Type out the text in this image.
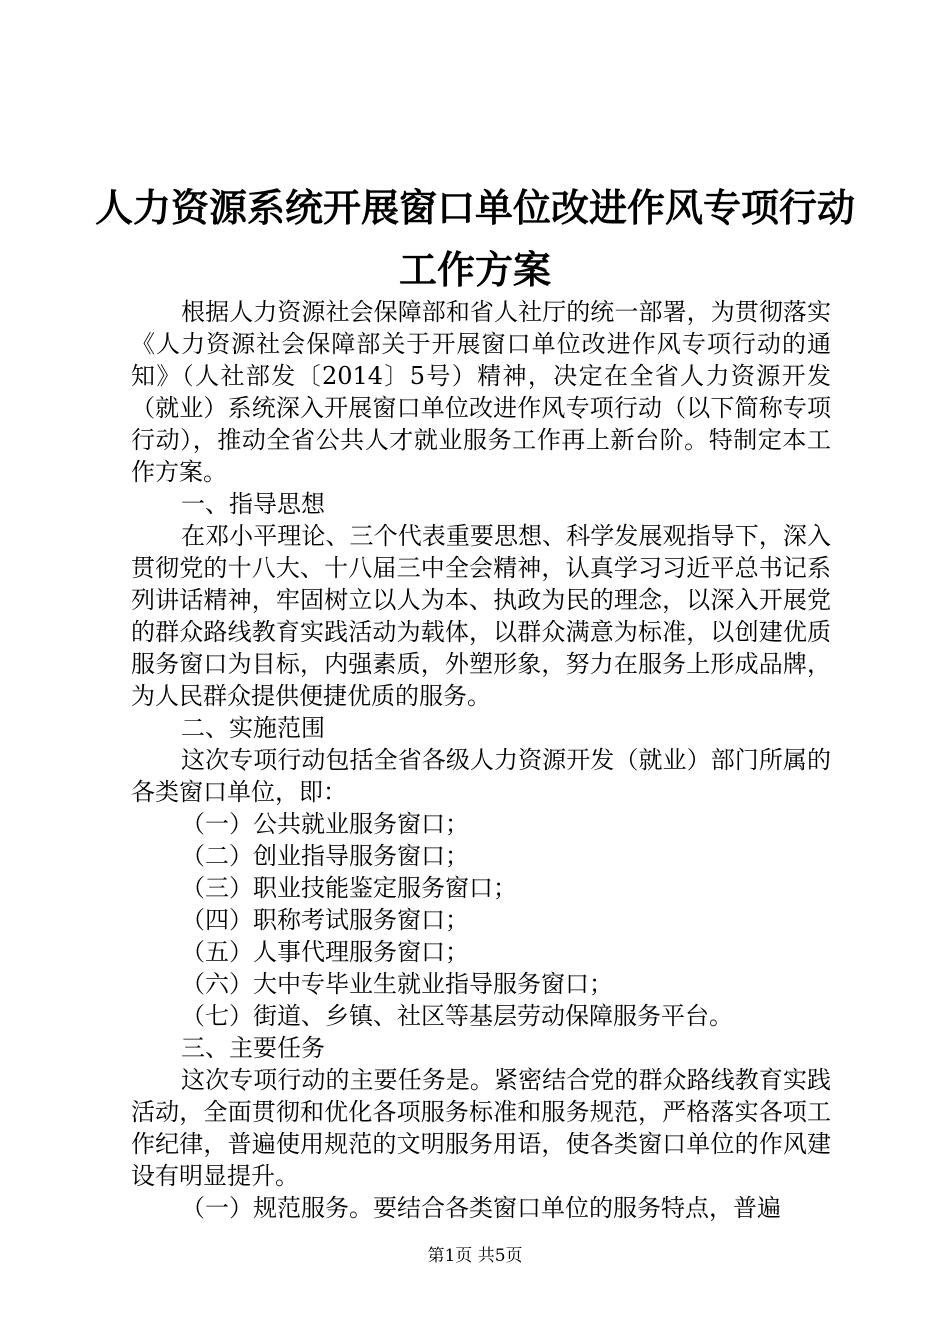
人力资源系统开展窗口单位改进作风专项行动
工作方案

根据人力资源社会保障部和省人社厅的统一部署，为贯彻落实《人力资源社会保障部关于开展窗口单位改进作风专项行动的通知》（人社部发〔2014〕5号）精神，决定在全省人力资源开发（就业）系统深入开展窗口单位改进作风专项行动（以下简称专项行动），推动全省公共人才就业服务工作再上新台阶。特制定本工作方案。

一、指导思想

在邓小平理论、三个代表重要思想、科学发展观指导下，深入贯彻党的十八大、十八届三中全会精神，认真学习习近平总书记系列讲话精神，牢固树立以人为本、执政为民的理念，以深入开展党的群众路线教育实践活动为载体，以群众满意为标准，以创建优质服务窗口为目标，内强素质，外塑形象，努力在服务上形成品牌，为人民群众提供便捷优质的服务。

二、实施范围

这次专项行动包括全省各级人力资源开发（就业）部门所属的各类窗口单位，即：

（一）公共就业服务窗口；

（二）创业指导服务窗口；

（三）职业技能鉴定服务窗口；

（四）职称考试服务窗口；

（五）人事代理服务窗口；

（六）大中专毕业生就业指导服务窗口；

（七）街道、乡镇、社区等基层劳动保障服务平台。

三、主要任务

这次专项行动的主要任务是。紧密结合党的群众路线教育实践活动，全面贯彻和优化各项服务标准和服务规范，严格落实各项工作纪律，普遍使用规范的文明服务用语，使各类窗口单位的作风建设有明显提升。

（一）规范服务。要结合各类窗口单位的服务特点，普遍

第1页 共5页
